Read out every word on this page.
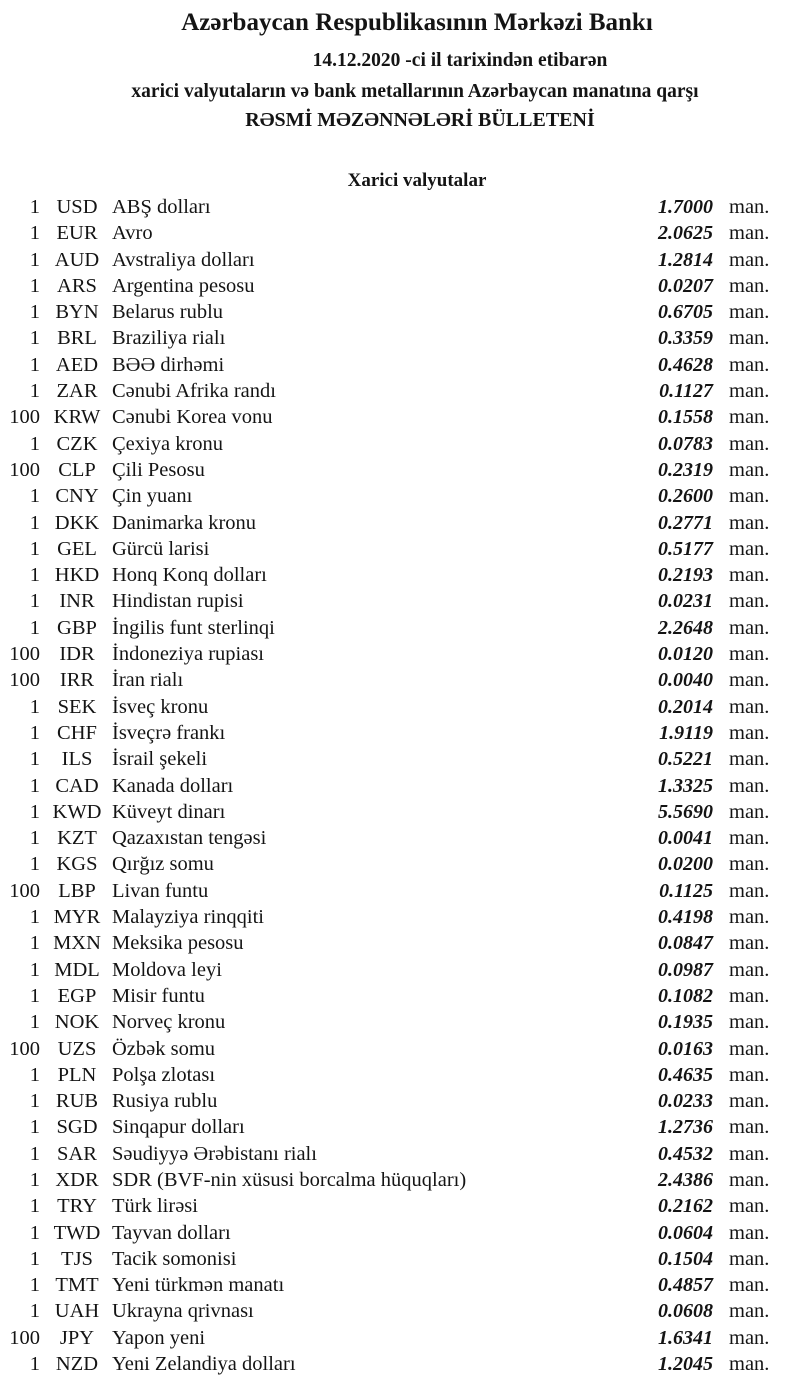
Azərbaycan Respublikasının Mərkəzi Bankı
14.12.2020 -ci il tarixindən etibarən
xarici valyutaların və bank metallarının Azərbaycan manatına qarşı
RƏSMİ MƏZƏNNƏLƏRİ BÜLLETENİ
Xarici valyutalar
1 USD ABŞ dolları	1.7000 man.
1 EUR Avro	2.0625 man.
1 AUD Avstraliya dolları	1.2814 man.
1 ARS Argentina pesosu	0.0207 man.
1 BYN Belarus rublu	0.6705 man.
1 BRL Braziliya rialı	0.3359 man.
1 AED BƏƏ dirhəmi	0.4628 man.
1 ZAR Cənubi Afrika randı	0.1127 man.
100 KRW Cənubi Korea vonu	0.1558 man.
1 CZK Çexiya kronu	0.0783 man.
100 CLP Çili Pesosu	0.2319 man.
1 CNY Çin yuanı	0.2600 man.
1 DKK Danimarka kronu	0.2771 man.
1 GEL Gürcü larisi	0.5177 man.
1 HKD Honq Konq dolları	0.2193 man.
1 INR Hindistan rupisi	0.0231 man.
1 GBP İngilis funt sterlinqi	2.2648 man.
100 IDR İndoneziya rupiası	0.0120 man.
100 IRR İran rialı	0.0040 man.
1 SEK İsveç kronu	0.2014 man.
1 CHF İsveçrə frankı	1.9119 man.
1	ILS İsrail şekeli	0.5221 man.
1 CAD Kanada dolları	1.3325 man.
1 KWD Küveyt dinarı	5.5690 man.
1 KZT Qazaxıstan tengəsi	0.0041 man.
1 KGS Qırğız somu	0.0200 man.
100 LBP Livan funtu	0.1125 man.
1 MYR Malayziya rinqqiti	0.4198 man.
1 MXN Meksika pesosu	0.0847 man.
1 MDL Moldova leyi	0.0987 man.
1 EGP Misir funtu	0.1082 man.
1 NOK Norveç kronu	0.1935 man.
100 UZS Özbək somu	0.0163 man.
1 PLN Polşa zlotası	0.4635 man.
1 RUB Rusiya rublu	0.0233 man.
1 SGD Sinqapur dolları	1.2736 man.
1 SAR Səudiyyə Ərəbistanı rialı	0.4532 man.
1 XDR SDR (BVF-nin xüsusi borcalma hüquqları)	2.4386 man.
1 TRY Türk lirəsi	0.2162 man.
1 TWD Tayvan dolları	0.0604 man.
1	TJS Tacik somonisi	0.1504 man.
1 TMT Yeni türkmən manatı	0.4857 man.
1 UAH Ukrayna qrivnası	0.0608 man.
100 JPY Yapon yeni	1.6341 man.
1 NZD Yeni Zelandiya dolları	1.2045 man.
